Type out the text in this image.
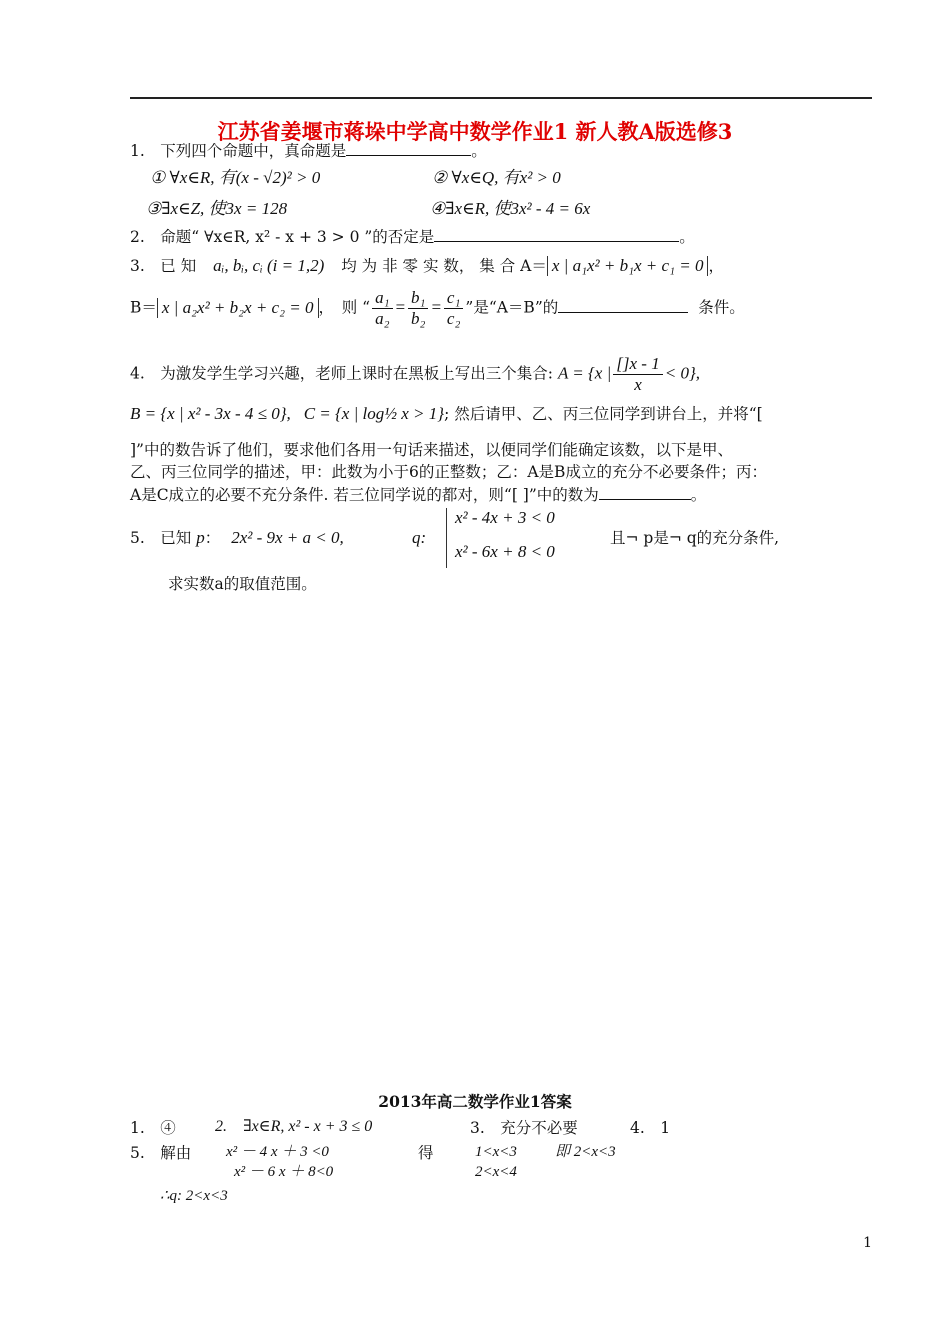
江苏省姜堰市蒋垛中学高中数学作业1 新人教A版选修3
1.　下列四个命题中，真命题是	。
① ∀x∈R, 有(x - √2)² > 0	② ∀x∈Q, 有x² > 0
③∃x∈Z, 使3x = 128	④∃x∈R, 使3x² - 4 = 6x
2.　命题“ ∀x∈R, x² - x + 3 > 0 ”的否定是	。
3.　已 知 aᵢ, bᵢ, cᵢ (i = 1,2) 均 为 非 零 实 数， 集 合 A＝ x | a₁x² + b₁x + c₁ = 0 ，
B＝ x | a₂x² + b₂x + c₂ = 0 ，　则 “ $\frac{\text{a₁}}{\text{a₂}} = \frac{\text{b₁}}{\text{b₂}} = \frac{\text{c₁}}{\text{c₂}}$ ”是“A＝B”的	条件。
4.　为激发学生学习兴趣，老师上课时在黑板上写出三个集合: A = {x | $\frac{[]x - 1}{x} < 0$},
B = {x | x² - 3x - 4 ≤ 0}, C = {x | log½ x > 1}; 然后请甲、乙、丙三位同学到讲台上，并将“[
]”中的数告诉了他们，要求他们各用一句话来描述，以便同学们能确定该数，以下是甲、
乙、丙三位同学的描述，甲：此数为小于6的正整数；乙：A是B成立的充分不必要条件；丙：
A是C成立的必要不充分条件. 若三位同学说的都对，则“[ ]”中的数为	。
5.　已知 p： 2x² - 9x + a < 0,	q:
x² - 4x + 3 < 0
x² - 6x + 8 < 0
且¬ p是¬ q的充分条件,
求实数a的取值范围。
2013年高二数学作业1答案
1.　④ 2.　∃x∈R, x² - x + 3 ≤ 0	3.　充分不必要	4.　1
5.　解由 x² － 4 x ＋ 3 <0
x² － 6 x ＋ 8<0
得	1<x<3
2<x<4
即 2<x<3
∴q: 2<x<3
1
